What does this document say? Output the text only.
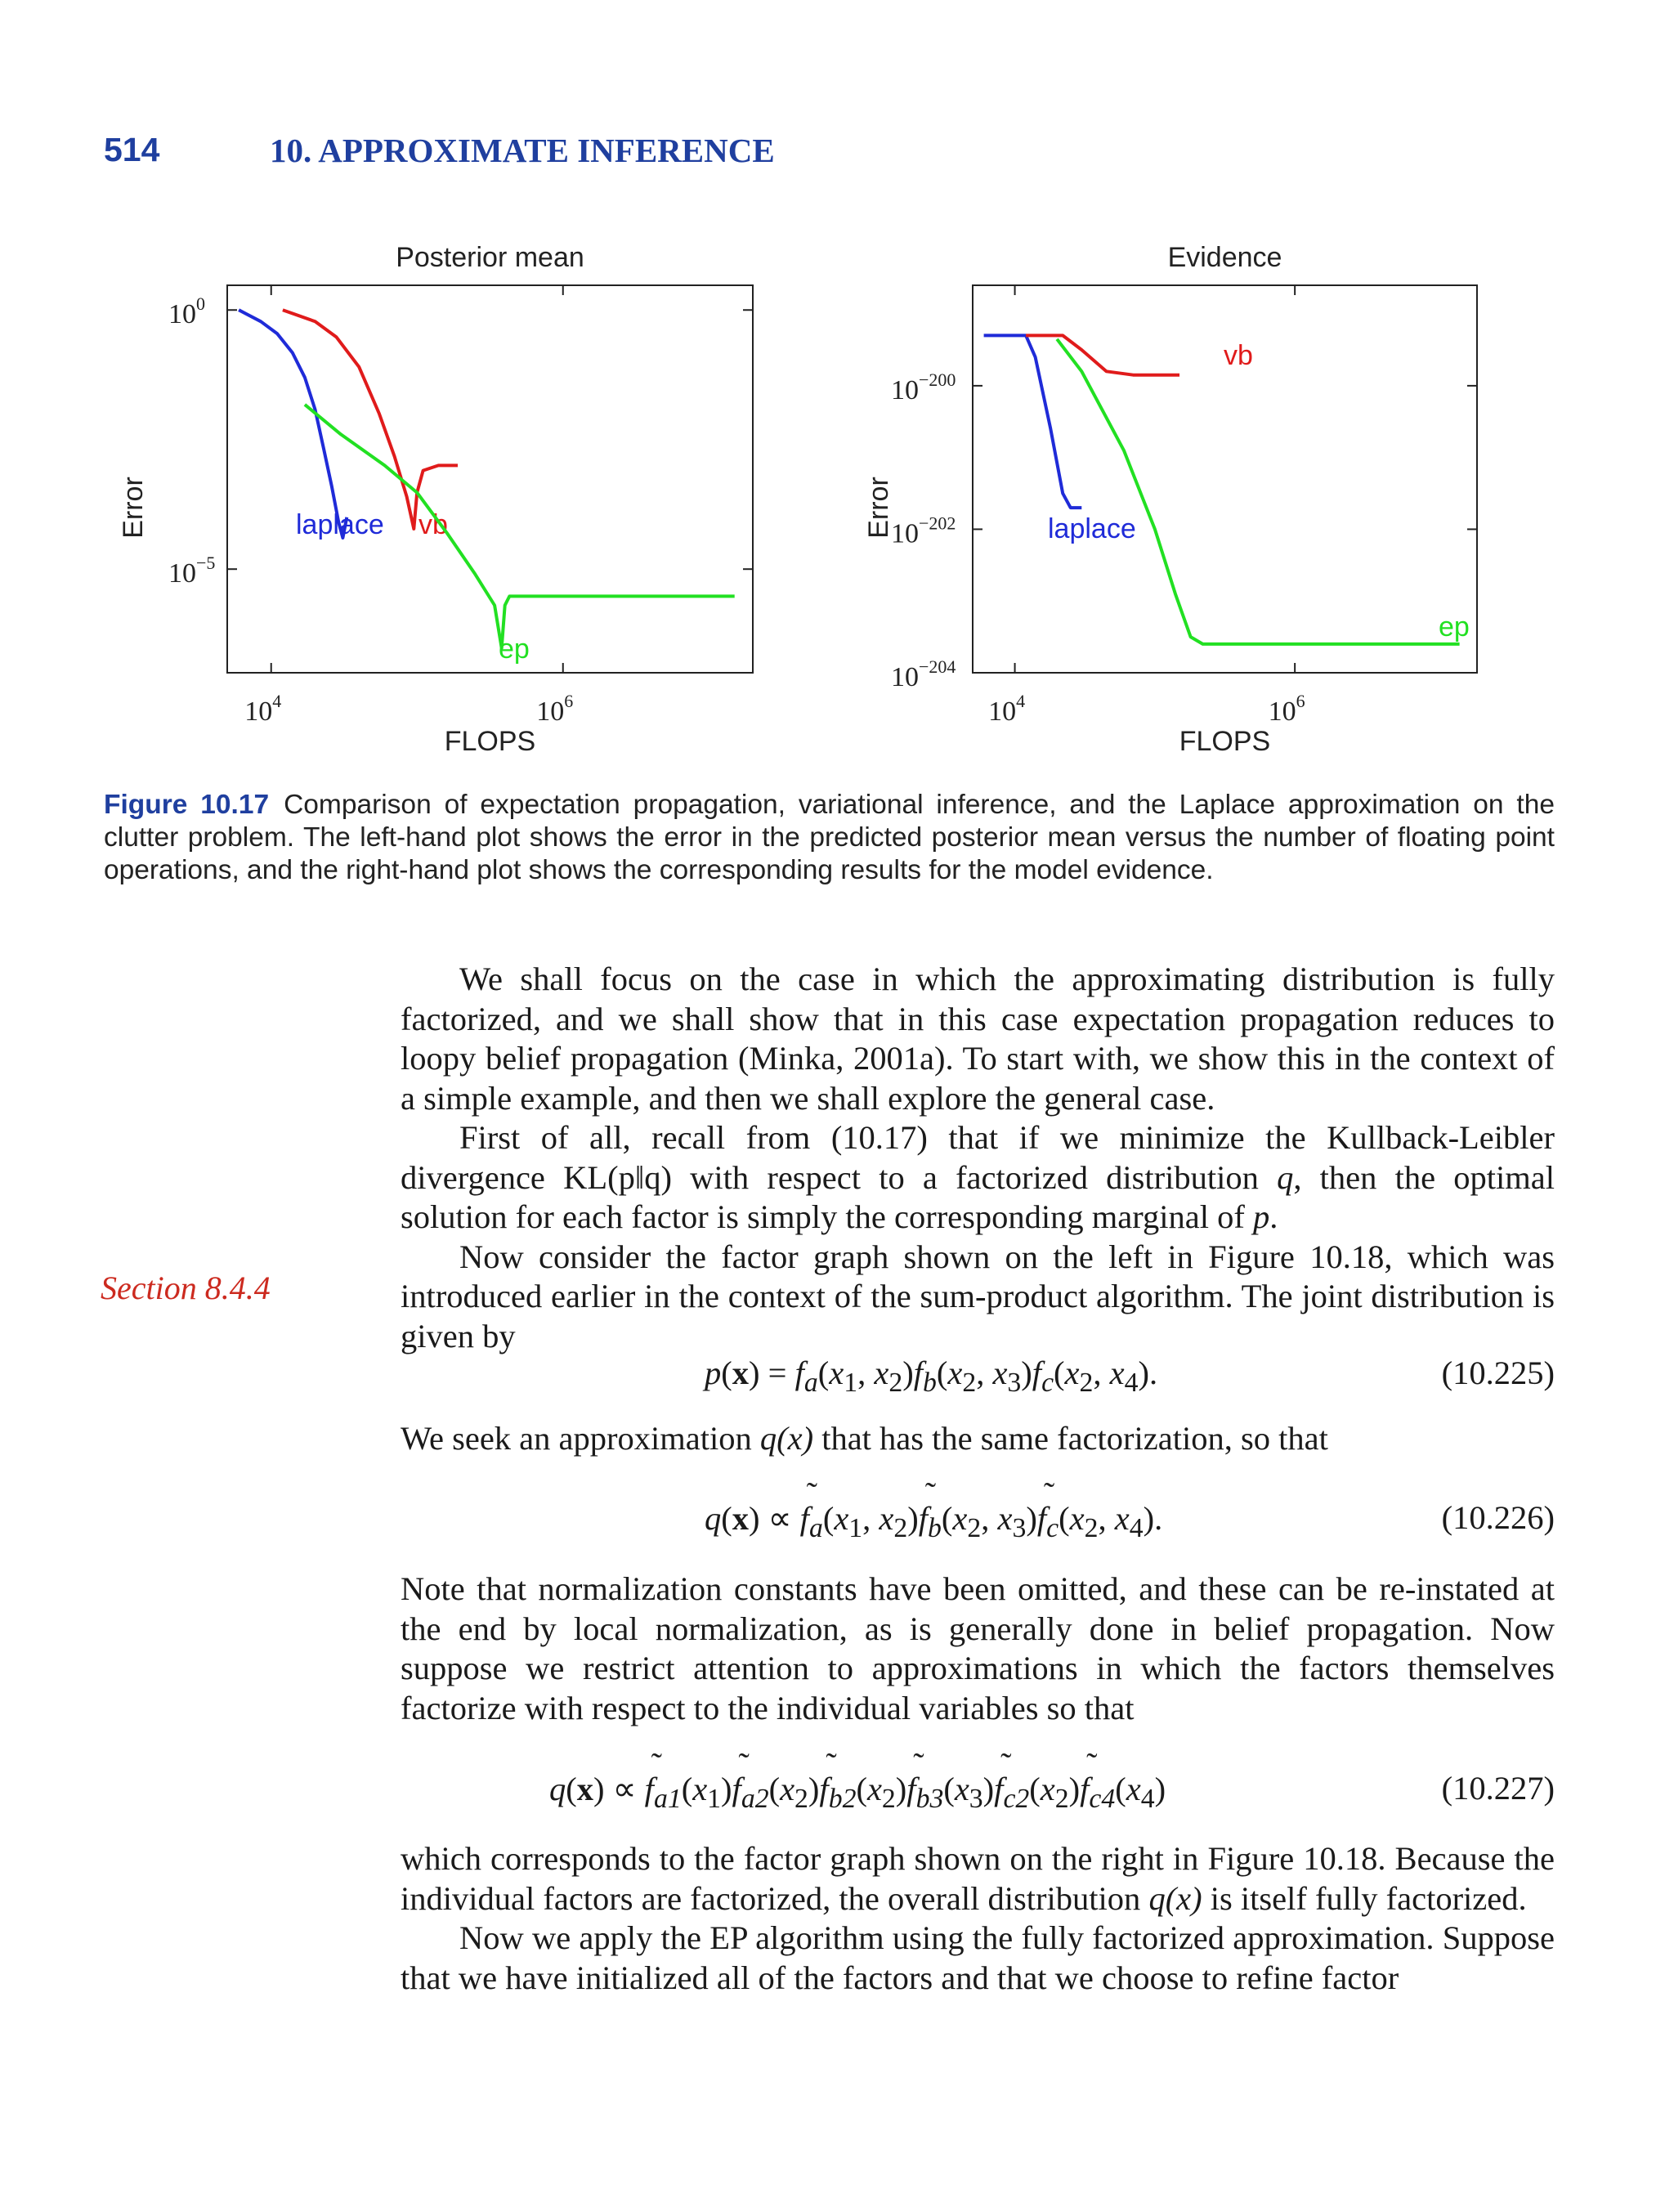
514	10. APPROXIMATE INFERENCE
Posterior mean
FLOPS
Error
$10^4$	$10^6$
$10^0$
$10^{-5}$
laplace vb
ep
Evidence
FLOPS
Error
$10^4$	$10^6$
$10^{-200}$
$10^{-202}$
$10^{-204}$
laplace
vb
ep
Figure 10.17 Comparison of expectation propagation, variational inference, and the Laplace approximation on the clutter problem. The left-hand plot shows the error in the predicted posterior mean versus the number of floating point operations, and the right-hand plot shows the corresponding results for the model evidence.
Section 8.4.4

We shall focus on the case in which the approximating distribution is fully factorized, and we shall show that in this case expectation propagation reduces to loopy belief propagation (Minka, 2001a). To start with, we show this in the context of a simple example, and then we shall explore the general case.

First of all, recall from (10.17) that if we minimize the Kullback-Leibler divergence KL(p‖q) with respect to a factorized distribution q, then the optimal solution for each factor is simply the corresponding marginal of p.

Now consider the factor graph shown on the left in Figure 10.18, which was introduced earlier in the context of the sum-product algorithm. The joint distribution is given by

$p(x) = f_a(x_1$, $x_2)f_b(x_2$, $x_3)f_c(x_2$, $x_4$).	(10.225)

We seek an approximation q(x) that has the same factorization, so that

q(x) ∝ ˜ $f_a(x_1$, $x_2)˜$ $f_b(x_2$, $x_3)˜$ $f_c(x_2$, $x_4$).	(10.226)

Note that normalization constants have been omitted, and these can be re-instated at the end by local normalization, as is generally done in belief propagation. Now suppose we restrict attention to approximations in which the factors themselves factorize with respect to the individual variables so that

q(x) ∝ ˜ $f_{a1}(x_1)˜$ $f_{a2}(x_2)˜$ $f_{b2}(x_2)˜$ $f_{b3}(x_3)˜$ $f_{c2}(x_2)˜$ $f_{c4}(x_4)$	(10.227)

which corresponds to the factor graph shown on the right in Figure 10.18. Because the individual factors are factorized, the overall distribution q(x) is itself fully factorized.

Now we apply the EP algorithm using the fully factorized approximation. Suppose that we have initialized all of the factors and that we choose to refine factor
